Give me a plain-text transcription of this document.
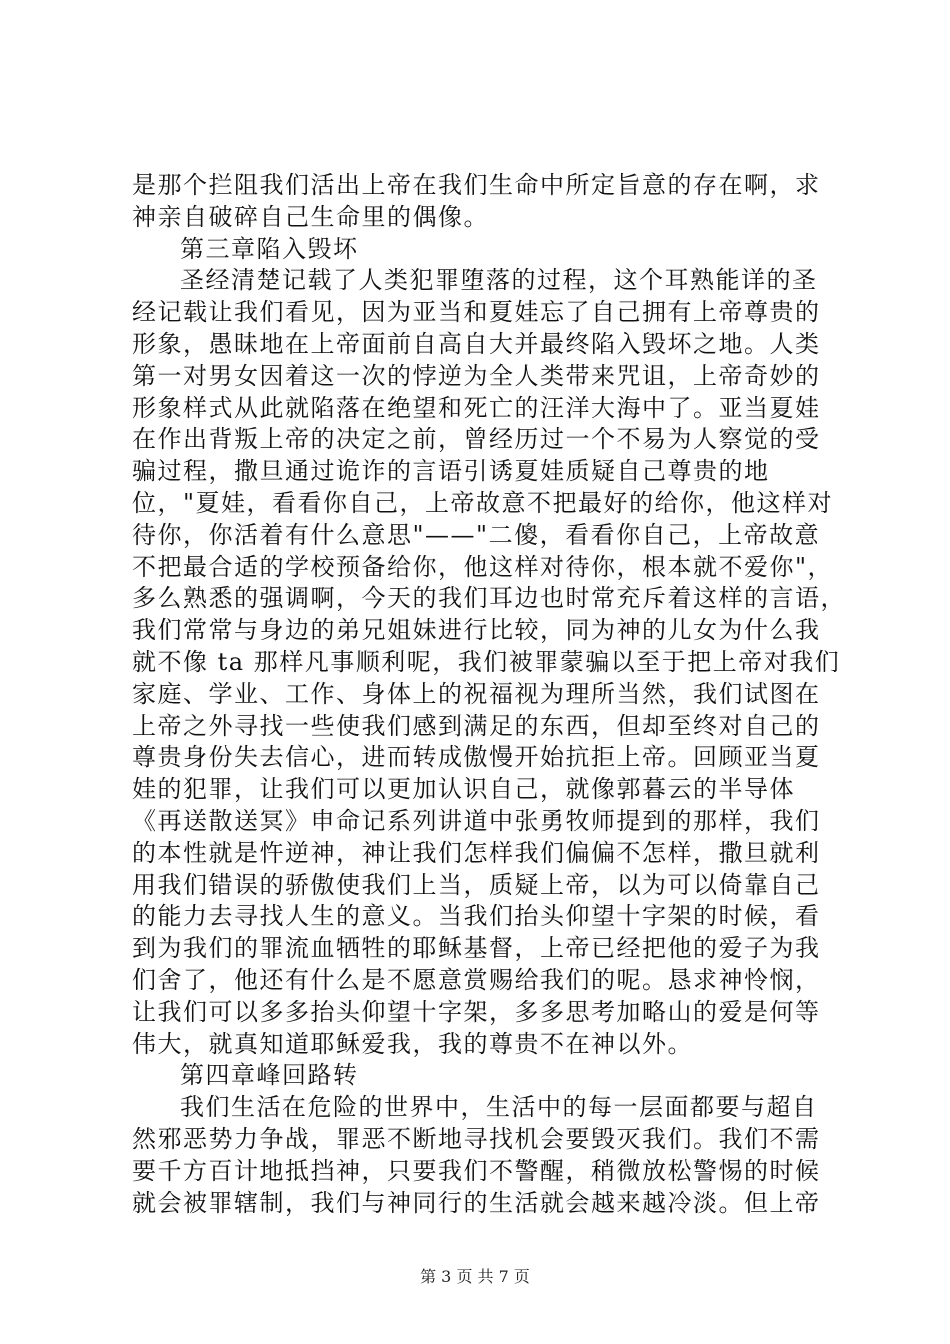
是那个拦阻我们活出上帝在我们生命中所定旨意的存在啊，求
神亲自破碎自己生命里的偶像。
第三章陷入毁坏
圣经清楚记载了人类犯罪堕落的过程，这个耳熟能详的圣
经记载让我们看见，因为亚当和夏娃忘了自己拥有上帝尊贵的
形象，愚昧地在上帝面前自高自大并最终陷入毁坏之地。人类
第一对男女因着这一次的悖逆为全人类带来咒诅，上帝奇妙的
形象样式从此就陷落在绝望和死亡的汪洋大海中了。亚当夏娃
在作出背叛上帝的决定之前，曾经历过一个不易为人察觉的受
骗过程，撒旦通过诡诈的言语引诱夏娃质疑自己尊贵的地
位，"夏娃，看看你自己，上帝故意不把最好的给你，他这样对
待你，你活着有什么意思"——"二傻，看看你自己，上帝故意
不把最合适的学校预备给你，他这样对待你，根本就不爱你"，
多么熟悉的强调啊，今天的我们耳边也时常充斥着这样的言语，
我们常常与身边的弟兄姐妹进行比较，同为神的儿女为什么我
就不像 ta 那样凡事顺利呢，我们被罪蒙骗以至于把上帝对我们
家庭、学业、工作、身体上的祝福视为理所当然，我们试图在
上帝之外寻找一些使我们感到满足的东西，但却至终对自己的
尊贵身份失去信心，进而转成傲慢开始抗拒上帝。回顾亚当夏
娃的犯罪，让我们可以更加认识自己，就像郭暮云的半导体
《再送散送冥》申命记系列讲道中张勇牧师提到的那样，我们
的本性就是忤逆神，神让我们怎样我们偏偏不怎样，撒旦就利
用我们错误的骄傲使我们上当，质疑上帝，以为可以倚靠自己
的能力去寻找人生的意义。当我们抬头仰望十字架的时候，看
到为我们的罪流血牺牲的耶稣基督，上帝已经把他的爱子为我
们舍了，他还有什么是不愿意赏赐给我们的呢。恳求神怜悯，
让我们可以多多抬头仰望十字架，多多思考加略山的爱是何等
伟大，就真知道耶稣爱我，我的尊贵不在神以外。
第四章峰回路转
我们生活在危险的世界中，生活中的每一层面都要与超自
然邪恶势力争战，罪恶不断地寻找机会要毁灭我们。我们不需
要千方百计地抵挡神，只要我们不警醒，稍微放松警惕的时候
就会被罪辖制，我们与神同行的生活就会越来越冷淡。但上帝
第 3 页 共 7 页
